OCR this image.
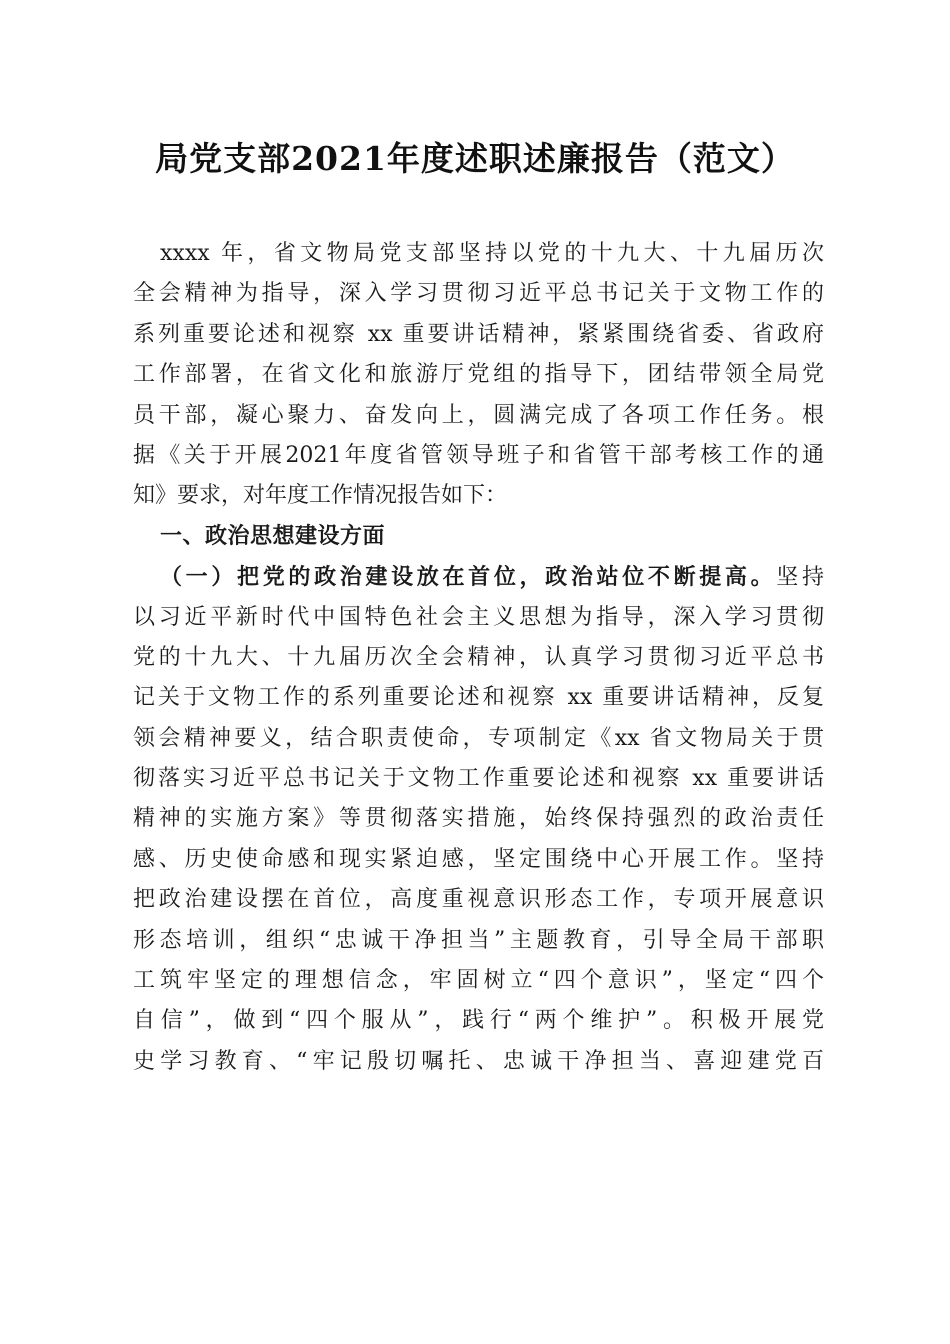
局党支部2021年度述职述廉报告（范文）
xxxx 年，省文物局党支部坚持以党的十九大、十九届历次
全会精神为指导，深入学习贯彻习近平总书记关于文物工作的
系列重要论述和视察 xx 重要讲话精神，紧紧围绕省委、省政府
工作部署，在省文化和旅游厅党组的指导下，团结带领全局党
员干部，凝心聚力、奋发向上，圆满完成了各项工作任务。根
据《关于开展2021年度省管领导班子和省管干部考核工作的通
知》要求，对年度工作情况报告如下：
一、政治思想建设方面
（一）把党的政治建设放在首位，政治站位不断提高。坚持
以习近平新时代中国特色社会主义思想为指导，深入学习贯彻
党的十九大、十九届历次全会精神，认真学习贯彻习近平总书
记关于文物工作的系列重要论述和视察 xx 重要讲话精神，反复
领会精神要义，结合职责使命，专项制定《xx 省文物局关于贯
彻落实习近平总书记关于文物工作重要论述和视察 xx 重要讲话
精神的实施方案》等贯彻落实措施，始终保持强烈的政治责任
感、历史使命感和现实紧迫感，坚定围绕中心开展工作。坚持
把政治建设摆在首位，高度重视意识形态工作，专项开展意识
形态培训，组织“忠诚干净担当”主题教育，引导全局干部职
工筑牢坚定的理想信念，牢固树立“四个意识”，坚定“四个
自信”，做到“四个服从”，践行“两个维护”。积极开展党
史学习教育、“牢记殷切嘱托、忠诚干净担当、喜迎建党百
